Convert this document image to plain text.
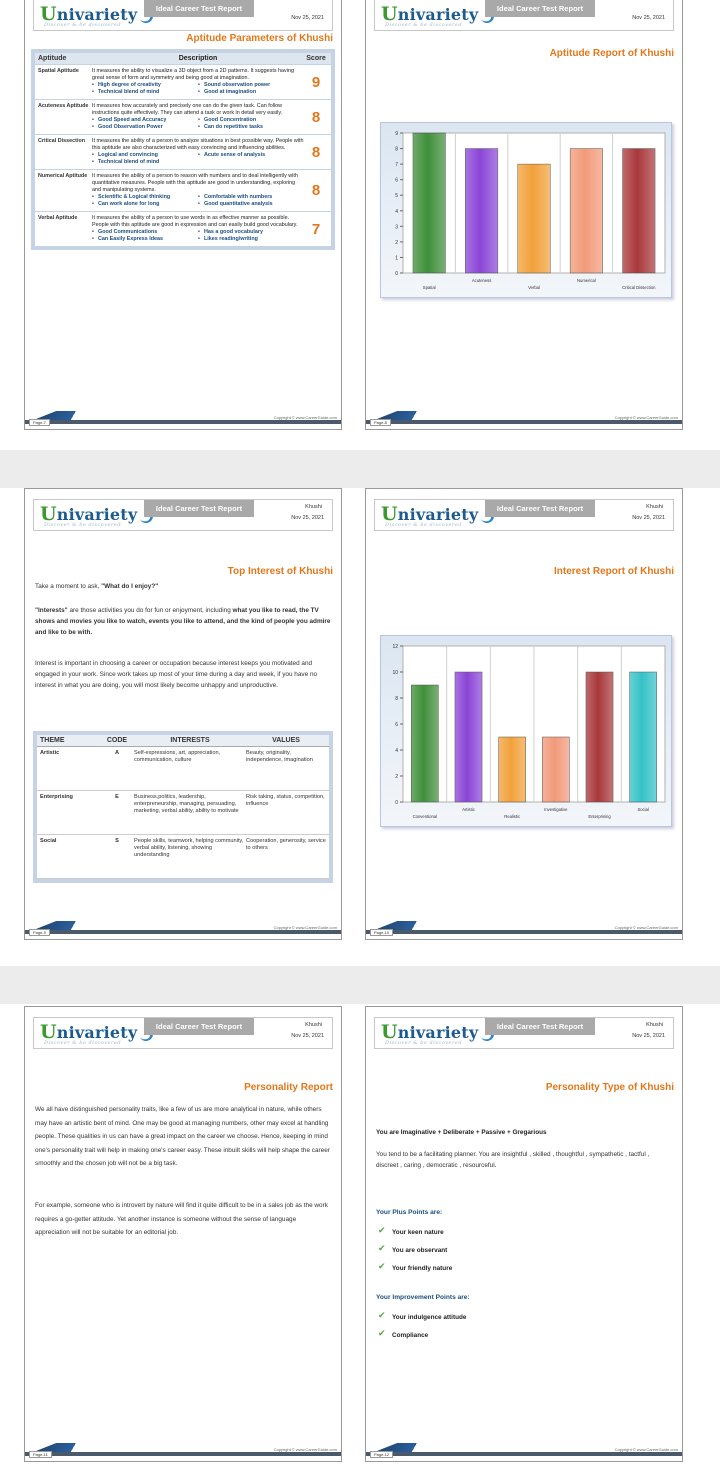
Univariety
Discover & be discovered
Ideal Career Test Report
Nov 25, 2021
Aptitude Parameters of Khushi
Aptitude	Description	Score
Spatial Aptitude	It measures the ability to visualize a 3D object from a 2D patterns. It suggests having great sense of form and symmetry and being good at imagination.
• High degree of creativity	• Sound observation power
• Technical blend of mind	• Good at imagination
9
Acuteness Aptitude It measures how accurately and precisely one can do the given task. Can follow instructions quite effectively. They can attend a task or work in detail very easily.
• Good Speed and Accuracy	• Good Concentration
• Good Observation Power	• Can do repetitive tasks
8
Critical Dissection	It measures the ability of a person to analyze situations in best possible way. People with this aptitude are also characterized with easy convincing and influencing abilities.
• Logical and convincing	• Acute sense of analysis
• Technical blend of mind
8
Numerical Aptitude It measures the ability of a person to reason with numbers and to deal intelligently with quantitative measures. People with this aptitude are good in understanding, exploring and manipulating systems.
• Scientific & Logical thinking	• Comfortable with numbers
• Can work alone for long	• Good quantitative analysis
8
Verbal Aptitude	It measures the ability of a person to use words in as effective manner as possible. People with this aptitude are good in expression and can easily build good vocabulary.
• Good Communications	• Has a good vocabulary
• Can Easily Express Ideas	• Likes reading/writing
7
Page-7
Copyright © www.CareerGuide.com
Univariety
Discover & be discovered
Ideal Career Test Report
Nov 25, 2021
Aptitude Report of Khushi
0
1
2
3
4
5
6
7
8
9
Spatial
Acuteness
Verbal
Numerical
Critical Dissection
Page-8
Copyright © www.CareerGuide.com
Univariety
Discover & be discovered
Ideal Career Test Report	Khushi
Nov 25, 2021
Top Interest of Khushi
Take a moment to ask, "What do I enjoy?"
"Interests" are those activities you do for fun or enjoyment, including what you like to read, the TV shows and movies you like to watch, events you like to attend, and the kind of people you admire and like to be with.
Interest is important in choosing a career or occupation because interest keeps you motivated and engaged in your work. Since work takes up most of your time during a day and week, if you have no interest in what you are doing, you will most likely become unhappy and unproductive.
THEME	CODE	INTERESTS	VALUES
Artistic	A	Self-expressions, art, appreciation, communication, culture
Beauty, originality, independence, imagination
Enterprising	E	Business,politics, leadership, enterpreneurship, managing, persuading, marketing, verbal ability, ability to motivate
Risk taking, status, competition, influence
Social	S	People skills, teamwork, helping community, verbal ability, listening, showing understanding
Cooperation, generosity, service to others
Page-9
Copyright © www.CareerGuide.com
Univariety
Discover & be discovered
Ideal Career Test Report	Khushi
Nov 25, 2021
Interest Report of Khushi
0
2
4
6
8
10
12
Conventional
Artistic
Realistic
Investigative
Enterprising
Social
Page-10
Copyright © www.CareerGuide.com
Univariety
Discover & be discovered
Ideal Career Test Report	Khushi
Nov 25, 2021
Personality Report
We all have distinguished personality traits, like a few of us are more analytical in nature, while others may have an artistic bent of mind. One may be good at managing numbers, other may excel at handling people. These qualities in us can have a great impact on the career we choose. Hence, keeping in mind one's personality trait will help in making one's career easy. These inbuilt skills will help shape the career smoothly and the chosen job will not be a big task.
For example, someone who is introvert by nature will find it quite difficult to be in a sales job as the work requires a go-getter attitude. Yet another instance is someone without the sense of language appreciation will not be suitable for an editorial job.
Page-11
Copyright © www.CareerGuide.com
Univariety
Discover & be discovered
Ideal Career Test Report	Khushi
Nov 25, 2021
Personality Type of Khushi
You are Imaginative + Deliberate + Passive + Gregarious
You tend to be a facilitating planner. You are insightful , skilled , thoughtful , sympathetic , tactful , discreet , caring , democratic , resourceful.
Your Plus Points are:
✔ Your keen nature
✔ You are observant
✔ Your friendly nature
Your Improvement Points are:
✔ Your indulgence attitude
✔ Compliance
Page-12
Copyright © www.CareerGuide.com
